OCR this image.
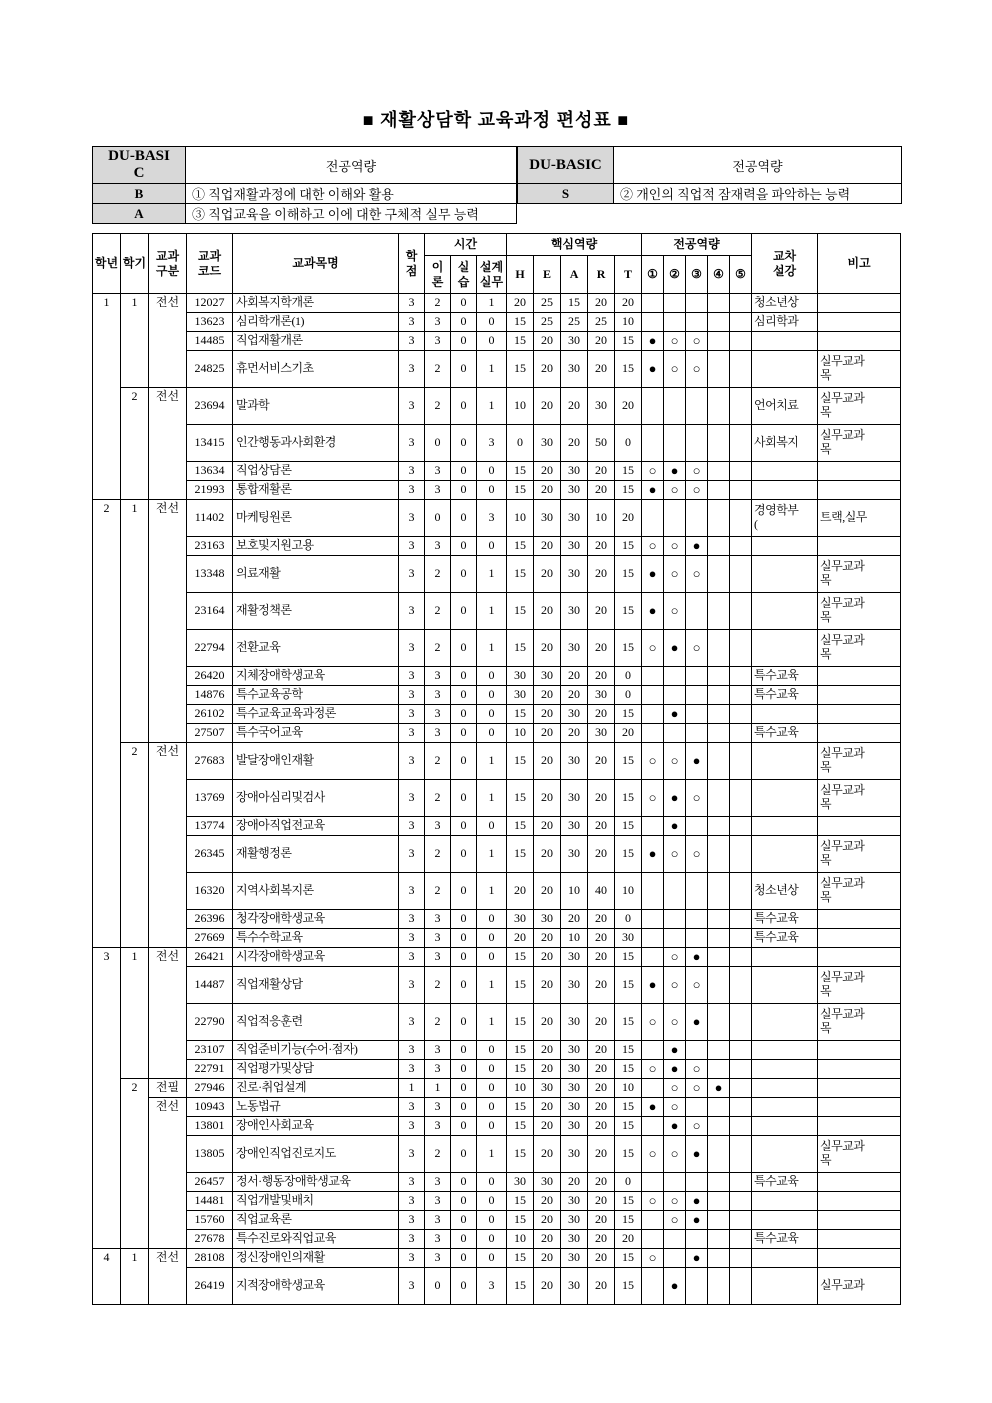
■ 재활상담학 교육과정 편성표 ■
DU-BASIC	전공역량
B	① 직업재활과정에 대한 이해와 활용
A	③ 직업교육을 이해하고 이에 대한 구체적 실무 능력
DU-BASIC	전공역량
S	② 개인의 직업적 잠재력을 파악하는 능력
학년	학기	교과
구분	교과
코드	교과목명	학
점	시간			핵심역량					전공역량					교차
설강	비고
						이
론	실
습	설계
실무	H	E	A	R	T	①	②	③	④	⑤		
1	1	전선	12027	사회복지학개론	3	2	0	1	20	25	15	20	20						청소년상	
			13623	심리학개론(1)	3	3	0	0	15	25	25	25	10						심리학과	
			14485	직업재활개론	3	3	0	0	15	20	30	20	15	●	○	○				
			24825	휴먼서비스기초	3	2	0	1	15	20	30	20	15	●	○	○				실무교과
목
	2	전선	23694	말과학	3	2	0	1	10	20	20	30	20						언어치료	실무교과
목
			13415	인간행동과사회환경	3	0	0	3	0	30	20	50	0						사회복지	실무교과
목
			13634	직업상담론	3	3	0	0	15	20	30	20	15	○	●	○				
			21993	통합재활론	3	3	0	0	15	20	30	20	15	●	○	○				
2	1	전선	11402	마케팅원론	3	0	0	3	10	30	30	10	20						경영학부
(	트랙,실무
			23163	보호및지원고용	3	3	0	0	15	20	30	20	15	○	○	●				
			13348	의료재활	3	2	0	1	15	20	30	20	15	●	○	○				실무교과
목
			23164	재활정책론	3	2	0	1	15	20	30	20	15	●	○					실무교과
목
			22794	전환교육	3	2	0	1	15	20	30	20	15	○	●	○				실무교과
목
			26420	지체장애학생교육	3	3	0	0	30	30	20	20	0						특수교육	
			14876	특수교육공학	3	3	0	0	30	20	20	30	0						특수교육	
			26102	특수교육교육과정론	3	3	0	0	15	20	30	20	15		●					
			27507	특수국어교육	3	3	0	0	10	20	20	30	20						특수교육	
	2	전선	27683	발달장애인재활	3	2	0	1	15	20	30	20	15	○	○	●				실무교과
목
			13769	장애아심리및검사	3	2	0	1	15	20	30	20	15	○	●	○				실무교과
목
			13774	장애아직업전교육	3	3	0	0	15	20	30	20	15		●					
			26345	재활행정론	3	2	0	1	15	20	30	20	15	●	○	○				실무교과
목
			16320	지역사회복지론	3	2	0	1	20	20	10	40	10						청소년상	실무교과
목
			26396	청각장애학생교육	3	3	0	0	30	30	20	20	0						특수교육	
			27669	특수수학교육	3	3	0	0	20	20	10	20	30						특수교육	
3	1	전선	26421	시각장애학생교육	3	3	0	0	15	20	30	20	15		○	●				
			14487	직업재활상담	3	2	0	1	15	20	30	20	15	●	○	○				실무교과
목
			22790	직업적응훈련	3	2	0	1	15	20	30	20	15	○	○	●				실무교과
목
			23107	직업준비기능(수어·점자)	3	3	0	0	15	20	30	20	15		●					
			22791	직업평가및상담	3	3	0	0	15	20	30	20	15	○	●	○				
	2	전필	27946	진로·취업설계	1	1	0	0	10	30	30	20	10		○	○	●			
		전선	10943	노동법규	3	3	0	0	15	20	30	20	15	●	○					
			13801	장애인사회교육	3	3	0	0	15	20	30	20	15		●	○				
			13805	장애인직업진로지도	3	2	0	1	15	20	30	20	15	○	○	●				실무교과
목
			26457	정서·행동장애학생교육	3	3	0	0	30	30	20	20	0						특수교육	
			14481	직업개발및배치	3	3	0	0	15	20	30	20	15	○	○	●				
			15760	직업교육론	3	3	0	0	15	20	30	20	15		○	●				
			27678	특수진로와직업교육	3	3	0	0	10	20	30	20	20						특수교육	
4	1	전선	28108	정신장애인의재활	3	3	0	0	15	20	30	20	15	○		●				
			26419	지적장애학생교육	3	0	0	3	15	20	30	20	15		●					실무교과
